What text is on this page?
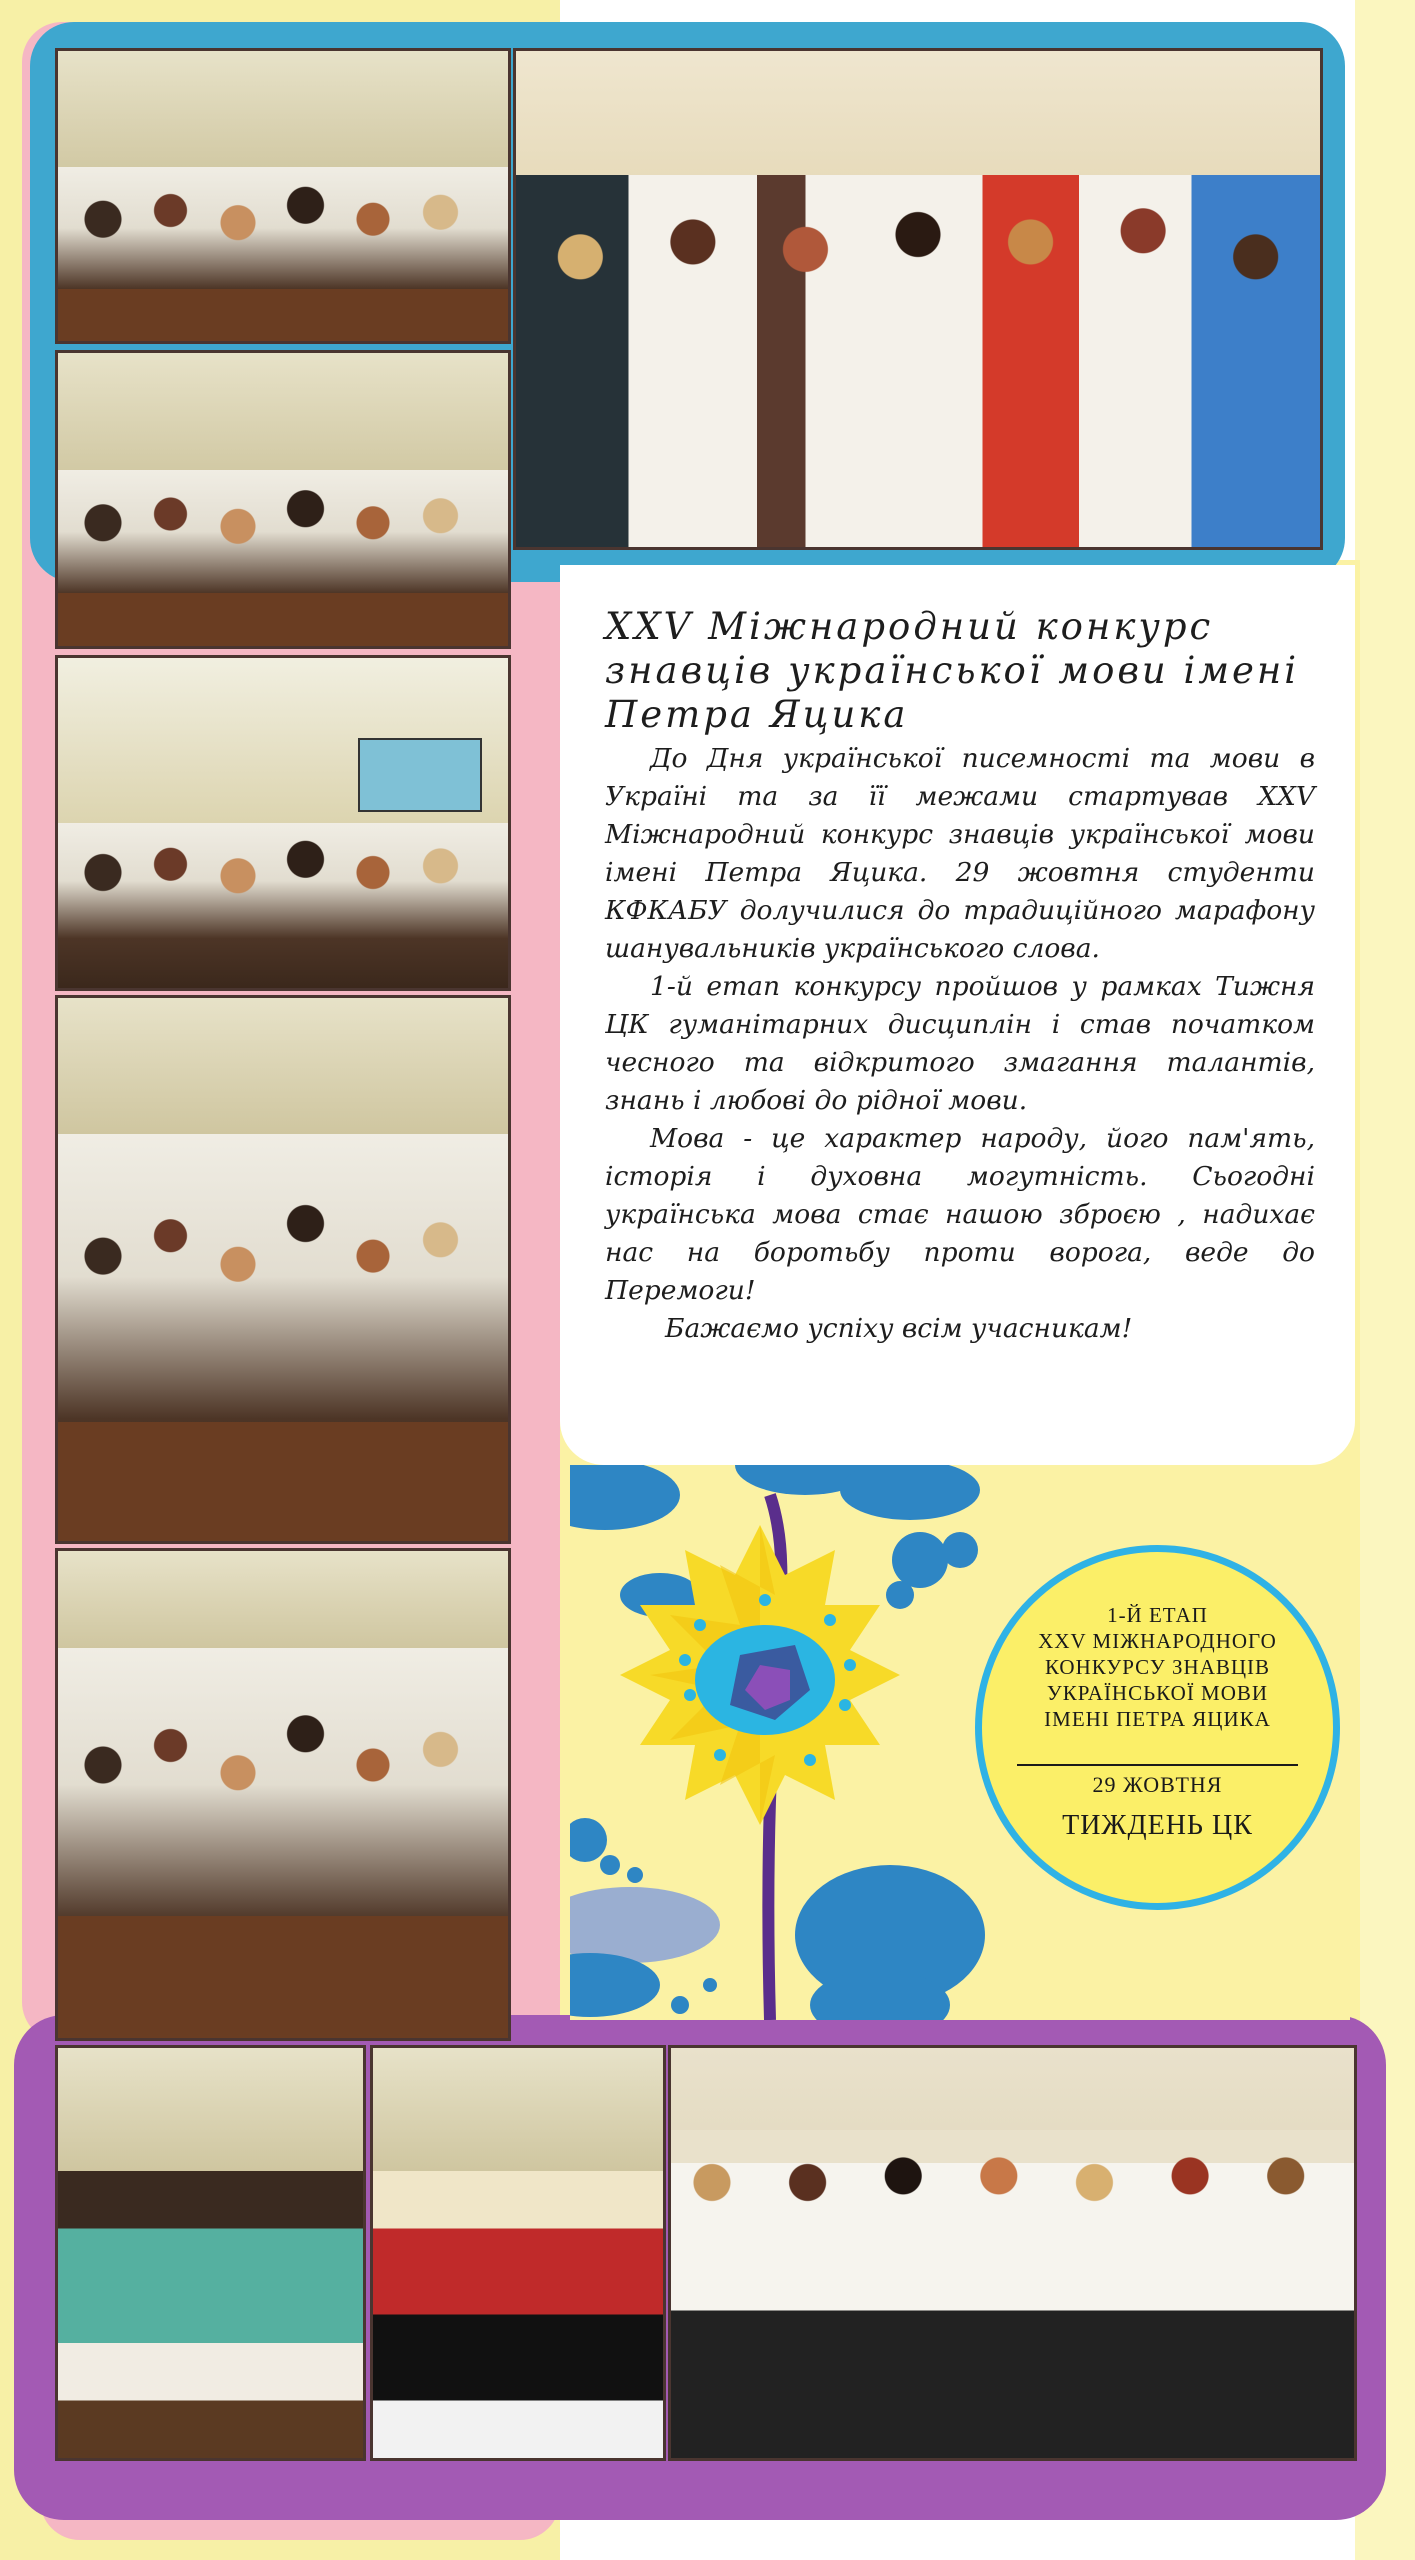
XXV Міжнародний конкурс
знавців української мови імені
Петра Яцика

До Дня української писемності та мови в Україні та за її межами стартував XXV Міжнародний конкурс знавців української мови імені Петра Яцика. 29 жовтня студенти КФКАБУ долучилися до традиційного марафону шанувальників українського слова.

1-й етап конкурсу пройшов у рамках Тижня ЦК гуманітарних дисциплін і став початком чесного та відкритого змагання талантів, знань і любові до рідної мови.

Мова - це характер народу, його пам'ять, історія і духовна могутність. Сьогодні українська мова стає нашою зброєю , надихає нас на боротьбу проти ворога, веде до Перемоги!

Бажаємо успіху всім учасникам!

1-Й ЕТАП
XXV МІЖНАРОДНОГО
КОНКУРСУ ЗНАВЦІВ
УКРАЇНСЬКОЇ МОВИ
ІМЕНІ ПЕТРА ЯЦИКА
29 ЖОВТНЯ
ТИЖДЕНЬ ЦК
